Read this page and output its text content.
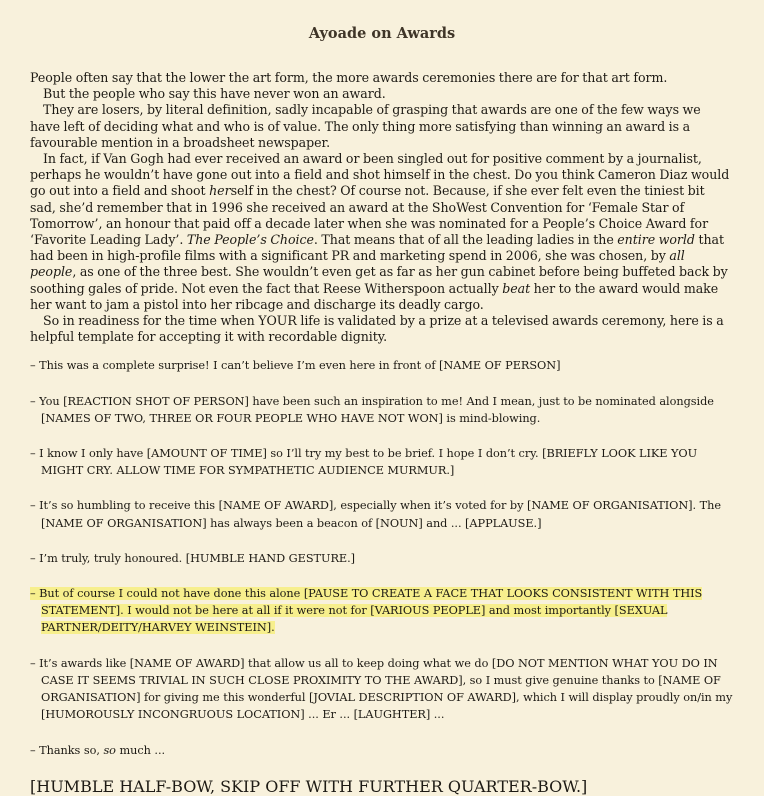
Ayoade on Awards

People often say that the lower the art form, the more awards ceremonies there are for that art form.

But the people who say this have never won an award.

They are losers, by literal definition, sadly incapable of grasping that awards are one of the few ways we have left of deciding what and who is of value. The only thing more satisfying than winning an award is a favourable mention in a broadsheet newspaper.

In fact, if Van Gogh had ever received an award or been singled out for positive comment by a journalist, perhaps he wouldn’t have gone out into a field and shot himself in the chest. Do you think Cameron Diaz would go out into a field and shoot herself in the chest? Of course not. Because, if she ever felt even the tiniest bit sad, she’d remember that in 1996 she received an award at the ShoWest Convention for ‘Female Star of Tomorrow’, an honour that paid off a decade later when she was nominated for a People’s Choice Award for ‘Favorite Leading Lady’. The People’s Choice. That means that of all the leading ladies in the entire world that had been in high-profile films with a significant PR and marketing spend in 2006, she was chosen, by all people, as one of the three best. She wouldn’t even get as far as her gun cabinet before being buffeted back by soothing gales of pride. Not even the fact that Reese Witherspoon actually beat her to the award would make her want to jam a pistol into her ribcage and discharge its deadly cargo.

So in readiness for the time when YOUR life is validated by a prize at a televised awards ceremony, here is a helpful template for accepting it with recordable dignity.

– This was a complete surprise! I can’t believe I’m even here in front of [NAME OF PERSON]

– You [REACTION SHOT OF PERSON] have been such an inspiration to me! And I mean, just to be nominated alongside [NAMES OF TWO, THREE OR FOUR PEOPLE WHO HAVE NOT WON] is mind-blowing.

– I know I only have [AMOUNT OF TIME] so I’ll try my best to be brief. I hope I don’t cry. [BRIEFLY LOOK LIKE YOU MIGHT CRY. ALLOW TIME FOR SYMPATHETIC AUDIENCE MURMUR.]

– It’s so humbling to receive this [NAME OF AWARD], especially when it’s voted for by [NAME OF ORGANISATION]. The [NAME OF ORGANISATION] has always been a beacon of [NOUN] and ... [APPLAUSE.]

– I’m truly, truly honoured. [HUMBLE HAND GESTURE.]

– But of course I could not have done this alone [PAUSE TO CREATE A FACE THAT LOOKS CONSISTENT WITH THIS STATEMENT]. I would not be here at all if it were not for [VARIOUS PEOPLE] and most importantly [SEXUAL PARTNER/DEITY/HARVEY WEINSTEIN].

– It’s awards like [NAME OF AWARD] that allow us all to keep doing what we do [DO NOT MENTION WHAT YOU DO IN CASE IT SEEMS TRIVIAL IN SUCH CLOSE PROXIMITY TO THE AWARD], so I must give genuine thanks to [NAME OF ORGANISATION] for giving me this wonderful [JOVIAL DESCRIPTION OF AWARD], which I will display proudly on/in my [HUMOROUSLY INCONGRUOUS LOCATION] ... Er ... [LAUGHTER] ...

– Thanks so, so much ...

[HUMBLE HALF-BOW, SKIP OFF WITH FURTHER QUARTER-BOW.]
